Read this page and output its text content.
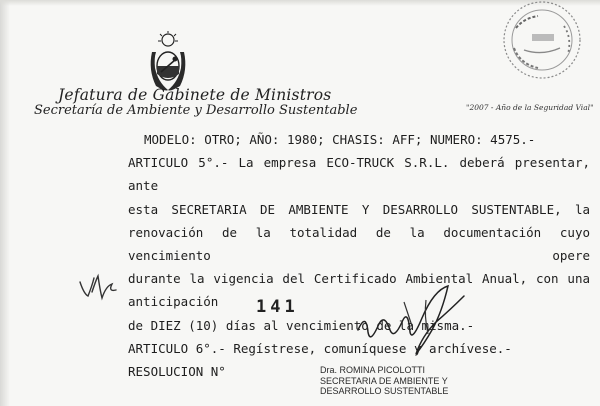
Jefatura de Gabinete de Ministros
Secretaría de Ambiente y Desarrollo Sustentable	"2007 - Año de la Seguridad Vial"
MODELO: OTRO; AÑO: 1980; CHASIS: AFF; NUMERO: 4575.-
ARTICULO 5°.- La empresa ECO-TRUCK S.R.L. deberá presentar, ante
esta SECRETARIA DE AMBIENTE Y DESARROLLO SUSTENTABLE, la
renovación de la totalidad de la documentación cuyo vencimiento opere
durante la vigencia del Certificado Ambiental Anual, con una anticipación
de DIEZ (10) días al vencimiento de la misma.-
ARTICULO 6°.- Regístrese, comuníquese y archívese.-
RESOLUCION N°
141
Dra. ROMINA PICOLOTTI
SECRETARIA DE AMBIENTE Y
DESARROLLO SUSTENTABLE
